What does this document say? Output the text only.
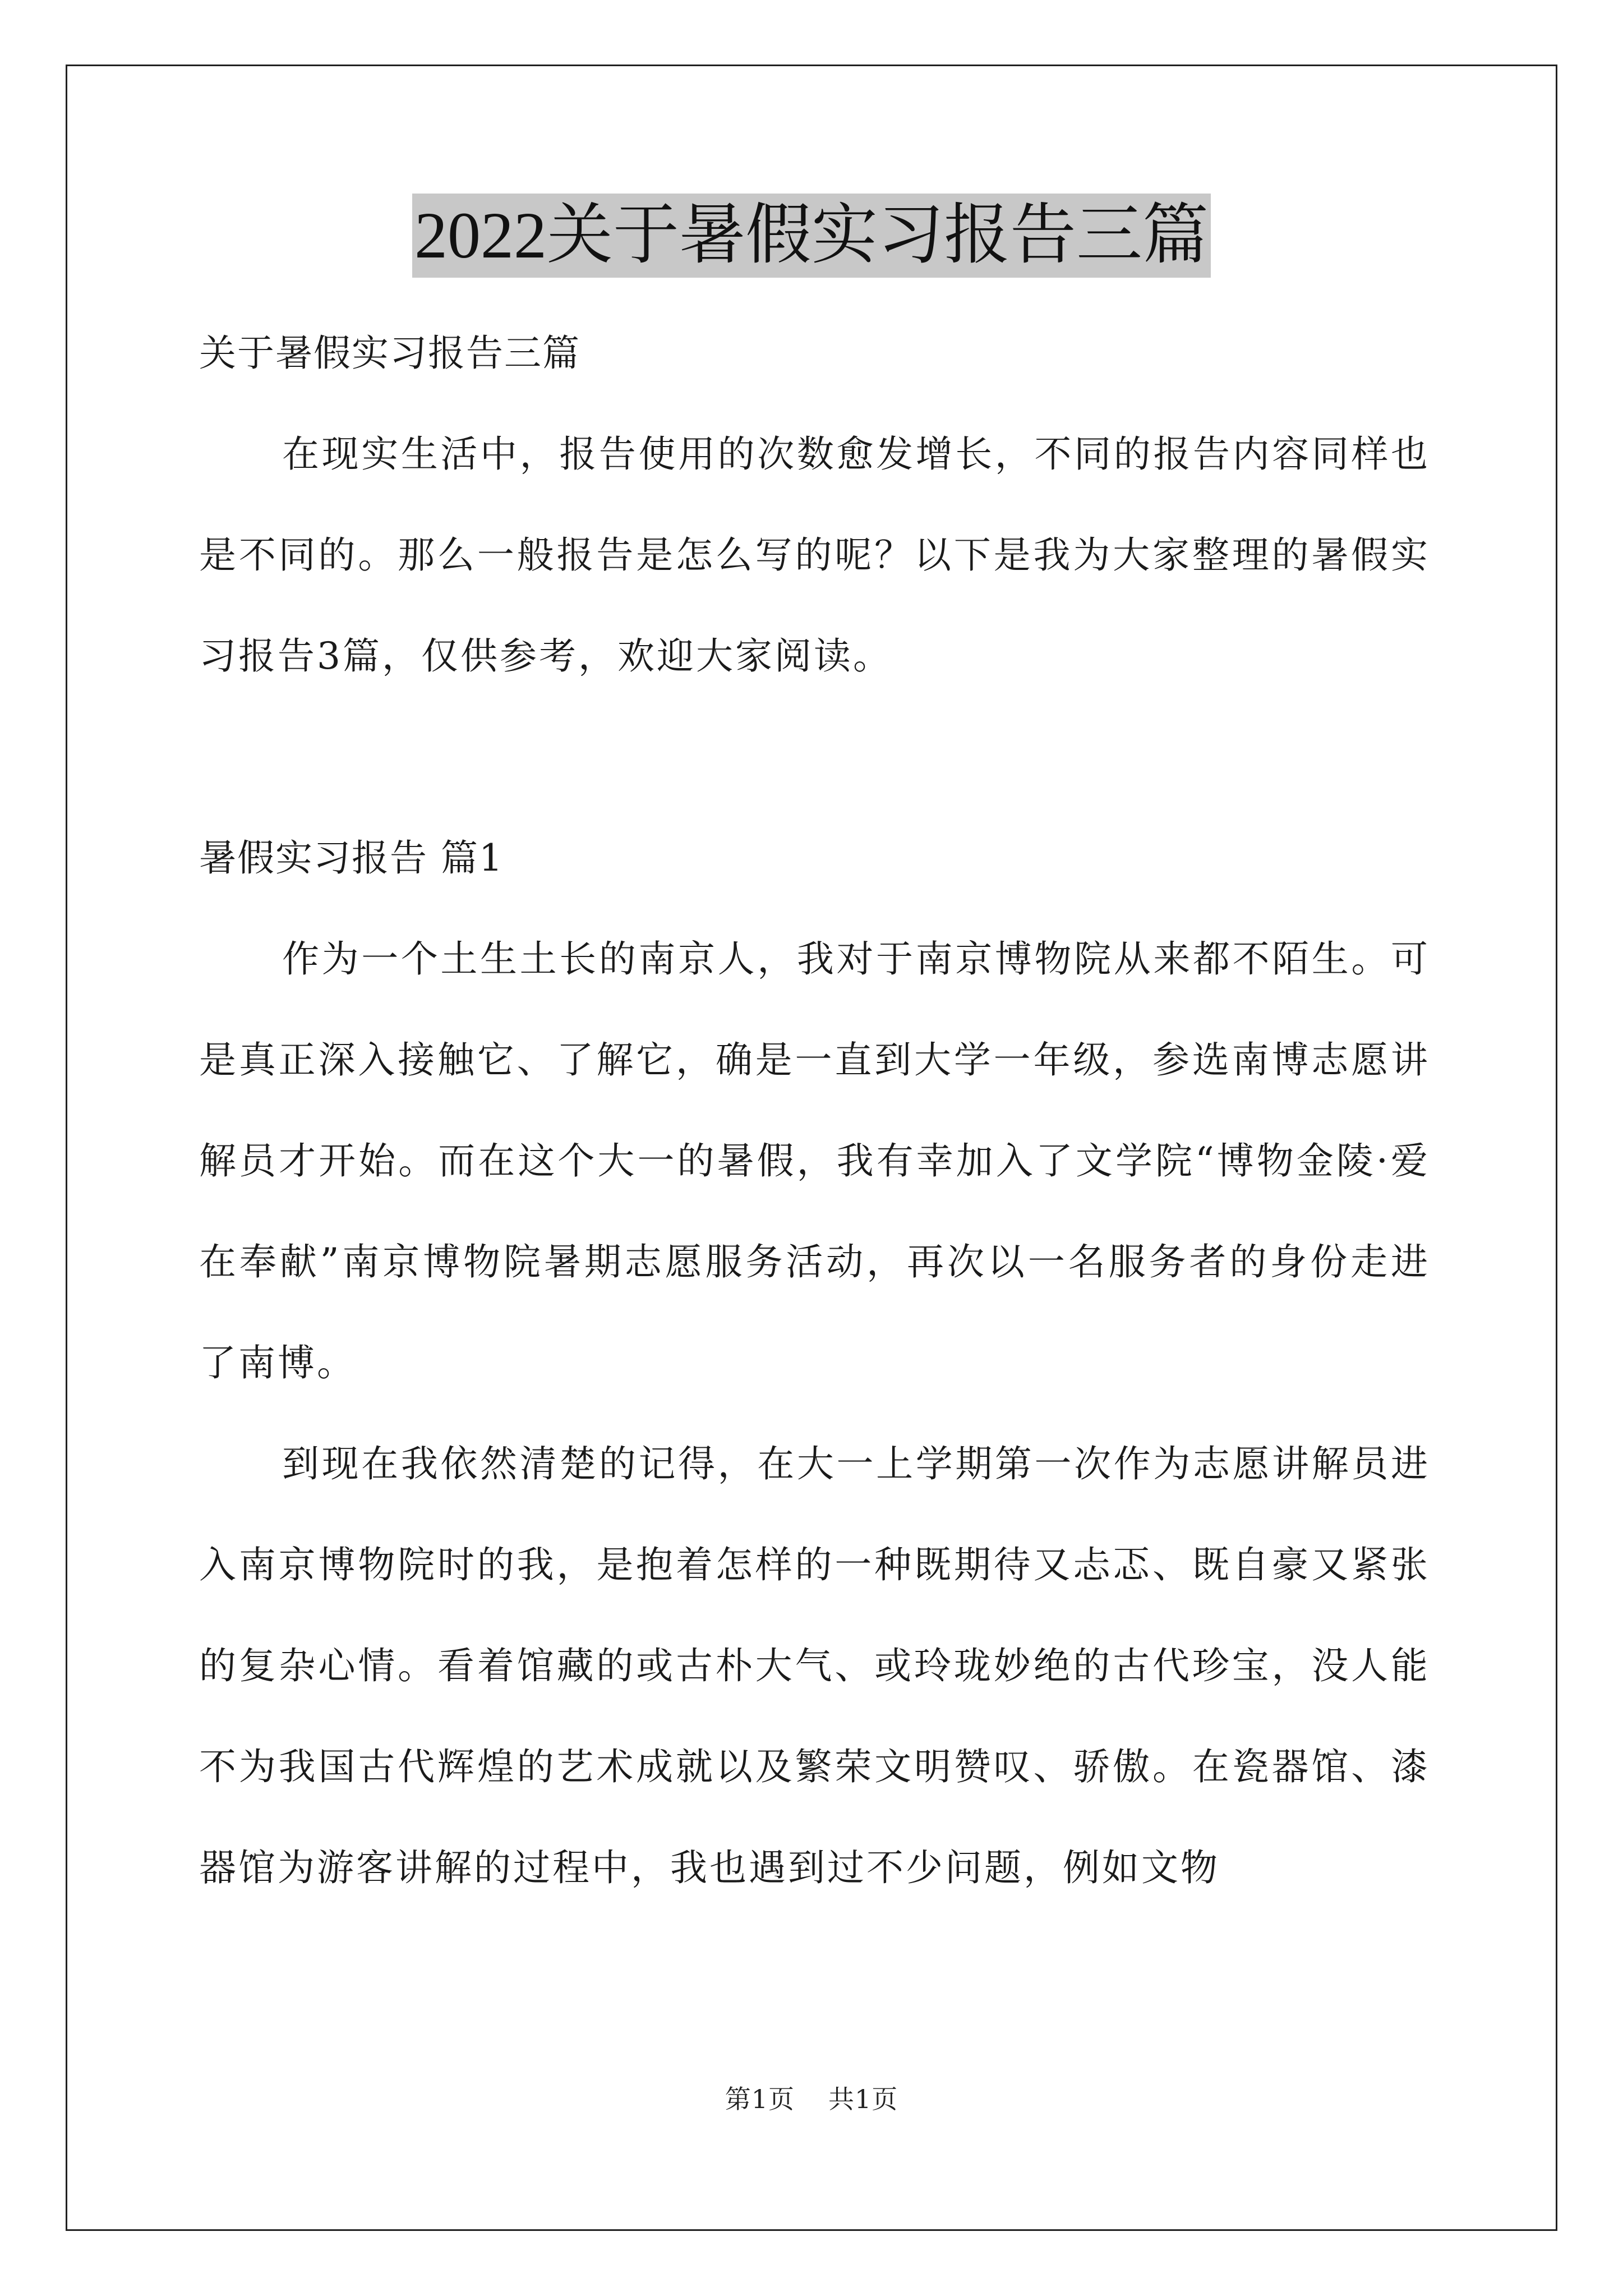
2022关于暑假实习报告三篇

关于暑假实习报告三篇

在现实生活中，报告使用的次数愈发增长，不同的报告内容同样也是不同的。那么一般报告是怎么写的呢？以下是我为大家整理的暑假实习报告3篇，仅供参考，欢迎大家阅读。

暑假实习报告 篇1

作为一个土生土长的南京人，我对于南京博物院从来都不陌生。可是真正深入接触它、了解它，确是一直到大学一年级，参选南博志愿讲解员才开始。而在这个大一的暑假，我有幸加入了文学院“博物金陵·爱在奉献”南京博物院暑期志愿服务活动，再次以一名服务者的身份走进了南博。

到现在我依然清楚的记得，在大一上学期第一次作为志愿讲解员进入南京博物院时的我，是抱着怎样的一种既期待又忐忑、既自豪又紧张的复杂心情。看着馆藏的或古朴大气、或玲珑妙绝的古代珍宝，没人能不为我国古代辉煌的艺术成就以及繁荣文明赞叹、骄傲。在瓷器馆、漆器馆为游客讲解的过程中，我也遇到过不少问题，例如文物

第1页 共1页
